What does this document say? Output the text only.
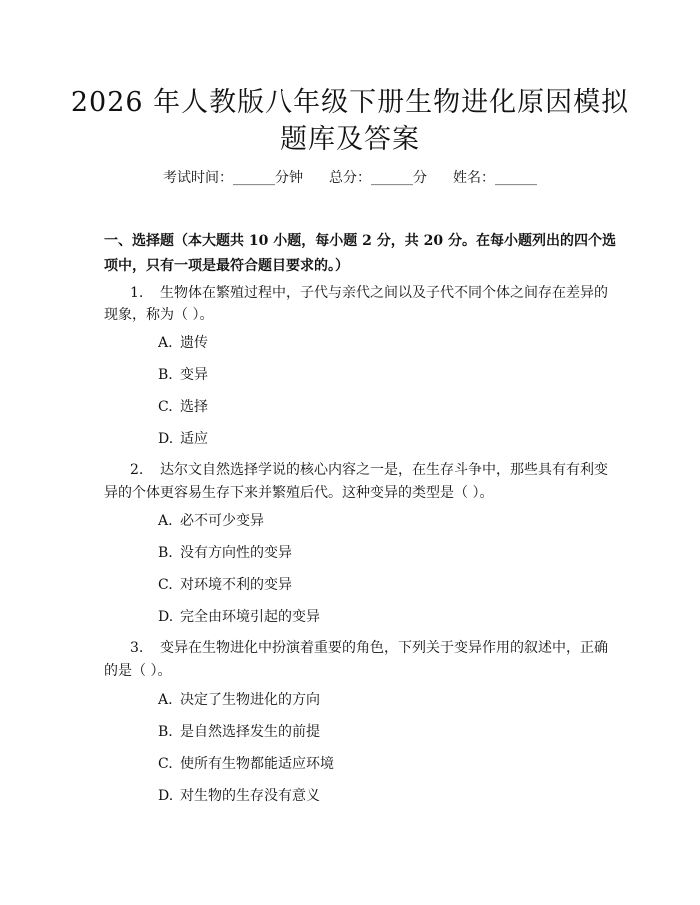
2026 年人教版八年级下册生物进化原因模拟
题库及答案
考试时间：______分钟 总分：______分 姓名：______
一、选择题（本大题共 10 小题，每小题 2 分，共 20 分。在每小题列出的四个选
项中，只有一项是最符合题目要求的。）
1. 生物体在繁殖过程中，子代与亲代之间以及子代不同个体之间存在差异的
现象，称为（ ）。
A. 遗传
B. 变异
C. 选择
D. 适应
2. 达尔文自然选择学说的核心内容之一是，在生存斗争中，那些具有有利变
异的个体更容易生存下来并繁殖后代。这种变异的类型是（ ）。
A. 必不可少变异
B. 没有方向性的变异
C. 对环境不利的变异
D. 完全由环境引起的变异
3. 变异在生物进化中扮演着重要的角色，下列关于变异作用的叙述中，正确
的是（ ）。
A. 决定了生物进化的方向
B. 是自然选择发生的前提
C. 使所有生物都能适应环境
D. 对生物的生存没有意义
